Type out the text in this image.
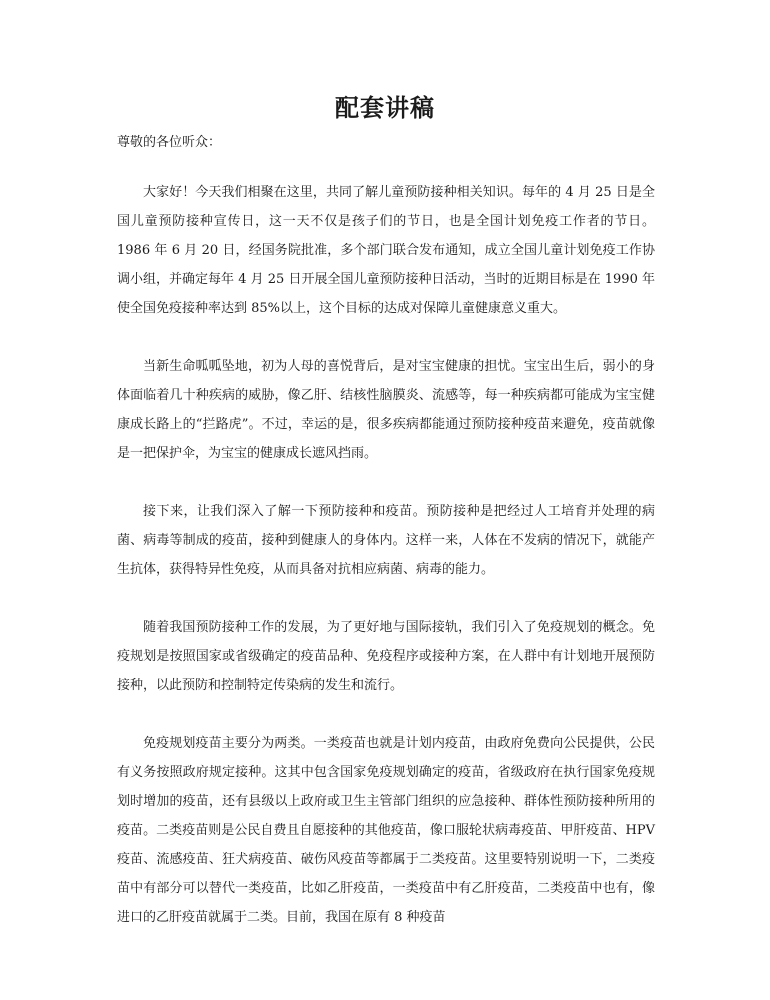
配套讲稿

尊敬的各位听众：

大家好！今天我们相聚在这里，共同了解儿童预防接种相关知识。每年的 4 月 25 日是全国儿童预防接种宣传日，这一天不仅是孩子们的节日，也是全国计划免疫工作者的节日。1986 年 6 月 20 日，经国务院批准，多个部门联合发布通知，成立全国儿童计划免疫工作协调小组，并确定每年 4 月 25 日开展全国儿童预防接种日活动，当时的近期目标是在 1990 年使全国免疫接种率达到 85%以上，这个目标的达成对保障儿童健康意义重大。

当新生命呱呱坠地，初为人母的喜悦背后，是对宝宝健康的担忧。宝宝出生后，弱小的身体面临着几十种疾病的威胁，像乙肝、结核性脑膜炎、流感等，每一种疾病都可能成为宝宝健康成长路上的“拦路虎”。不过，幸运的是，很多疾病都能通过预防接种疫苗来避免，疫苗就像是一把保护伞，为宝宝的健康成长遮风挡雨。

接下来，让我们深入了解一下预防接种和疫苗。预防接种是把经过人工培育并处理的病菌、病毒等制成的疫苗，接种到健康人的身体内。这样一来，人体在不发病的情况下，就能产生抗体，获得特异性免疫，从而具备对抗相应病菌、病毒的能力。

随着我国预防接种工作的发展，为了更好地与国际接轨，我们引入了免疫规划的概念。免疫规划是按照国家或省级确定的疫苗品种、免疫程序或接种方案，在人群中有计划地开展预防接种，以此预防和控制特定传染病的发生和流行。

免疫规划疫苗主要分为两类。一类疫苗也就是计划内疫苗，由政府免费向公民提供，公民有义务按照政府规定接种。这其中包含国家免疫规划确定的疫苗，省级政府在执行国家免疫规划时增加的疫苗，还有县级以上政府或卫生主管部门组织的应急接种、群体性预防接种所用的疫苗。二类疫苗则是公民自费且自愿接种的其他疫苗，像口服轮状病毒疫苗、甲肝疫苗、HPV 疫苗、流感疫苗、狂犬病疫苗、破伤风疫苗等都属于二类疫苗。这里要特别说明一下，二类疫苗中有部分可以替代一类疫苗，比如乙肝疫苗，一类疫苗中有乙肝疫苗，二类疫苗中也有，像进口的乙肝疫苗就属于二类。目前，我国在原有 8 种疫苗
